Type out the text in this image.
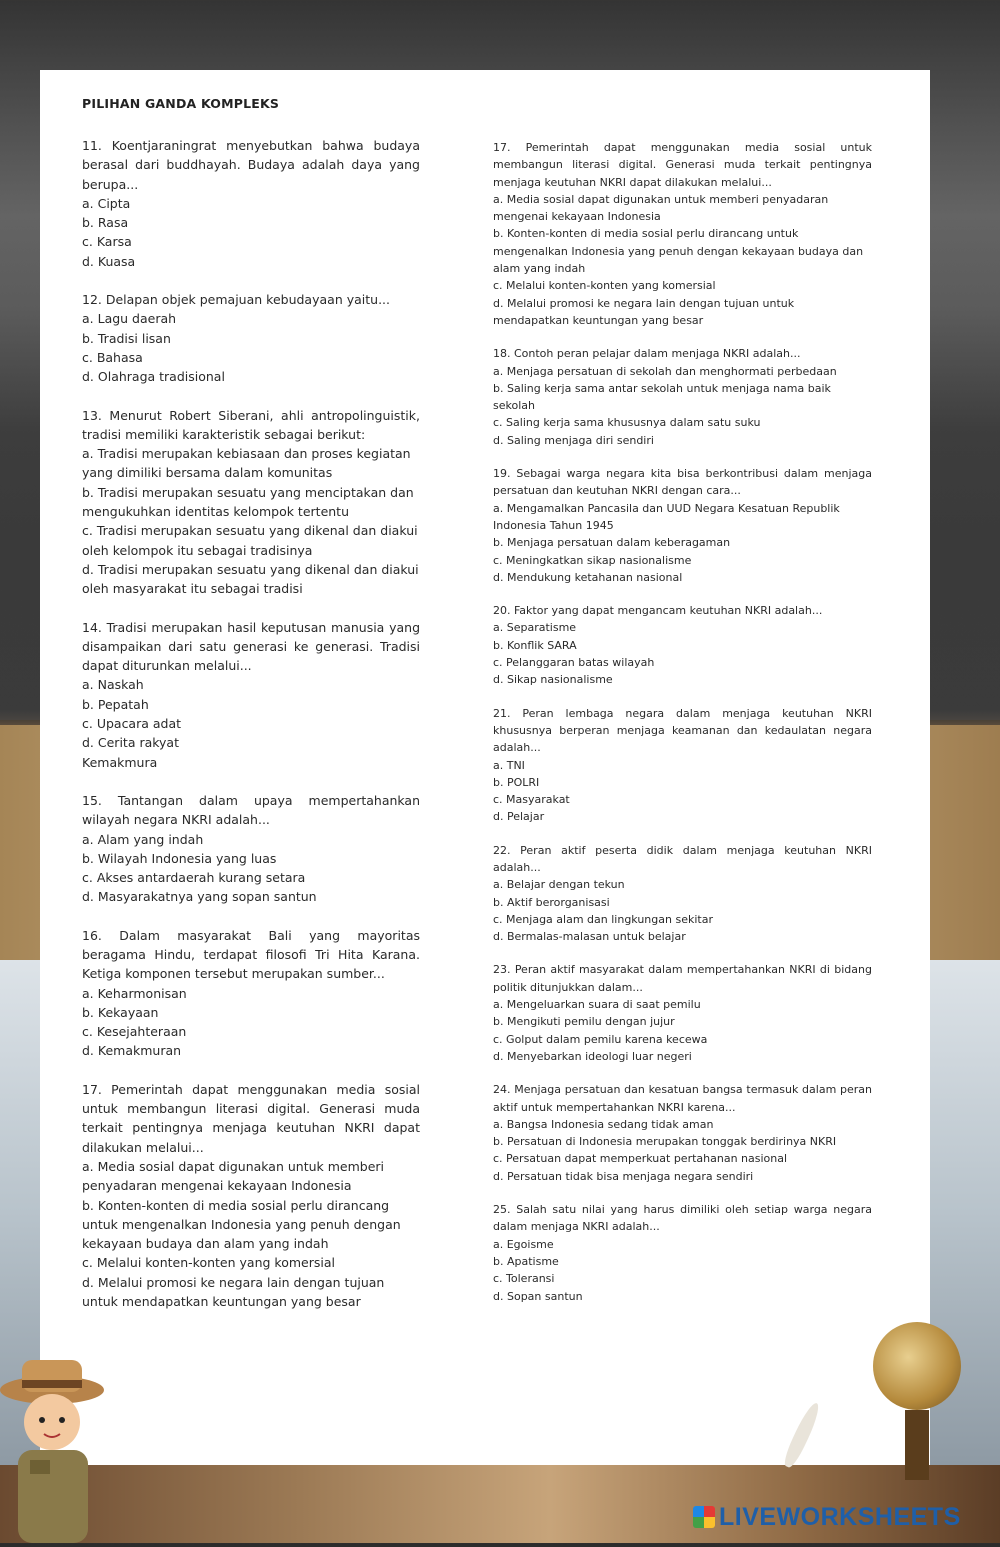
PILIHAN GANDA KOMPLEKS
11. Koentjaraningrat menyebutkan bahwa budaya berasal dari buddhayah. Budaya adalah daya yang berupa...
a. Cipta
b. Rasa
c. Karsa
d. Kuasa
12. Delapan objek pemajuan kebudayaan yaitu...
a. Lagu daerah
b. Tradisi lisan
c. Bahasa
d. Olahraga tradisional
13. Menurut Robert Siberani, ahli antropolinguistik, tradisi memiliki karakteristik sebagai berikut:
a. Tradisi merupakan kebiasaan dan proses kegiatan yang dimiliki bersama dalam komunitas
b. Tradisi merupakan sesuatu yang menciptakan dan mengukuhkan identitas kelompok tertentu
c. Tradisi merupakan sesuatu yang dikenal dan diakui oleh kelompok itu sebagai tradisinya
d. Tradisi merupakan sesuatu yang dikenal dan diakui oleh masyarakat itu sebagai tradisi
14. Tradisi merupakan hasil keputusan manusia yang disampaikan dari satu generasi ke generasi. Tradisi dapat diturunkan melalui...
a. Naskah
b. Pepatah
c. Upacara adat
d. Cerita rakyat
Kemakmura
15. Tantangan dalam upaya mempertahankan wilayah negara NKRI adalah...
a. Alam yang indah
b. Wilayah Indonesia yang luas
c. Akses antardaerah kurang setara
d. Masyarakatnya yang sopan santun
16. Dalam masyarakat Bali yang mayoritas beragama Hindu, terdapat filosofi Tri Hita Karana. Ketiga komponen tersebut merupakan sumber...
a. Keharmonisan
b. Kekayaan
c. Kesejahteraan
d. Kemakmuran
17. Pemerintah dapat menggunakan media sosial untuk membangun literasi digital. Generasi muda terkait pentingnya menjaga keutuhan NKRI dapat dilakukan melalui...
a. Media sosial dapat digunakan untuk memberi penyadaran mengenai kekayaan Indonesia
b. Konten-konten di media sosial perlu dirancang untuk mengenalkan Indonesia yang penuh dengan kekayaan budaya dan alam yang indah
c. Melalui konten-konten yang komersial
d. Melalui promosi ke negara lain dengan tujuan untuk mendapatkan keuntungan yang besar
17. Pemerintah dapat menggunakan media sosial untuk membangun literasi digital. Generasi muda terkait pentingnya menjaga keutuhan NKRI dapat dilakukan melalui...
a. Media sosial dapat digunakan untuk memberi penyadaran mengenai kekayaan Indonesia
b. Konten-konten di media sosial perlu dirancang untuk mengenalkan Indonesia yang penuh dengan kekayaan budaya dan alam yang indah
c. Melalui konten-konten yang komersial
d. Melalui promosi ke negara lain dengan tujuan untuk mendapatkan keuntungan yang besar
18. Contoh peran pelajar dalam menjaga NKRI adalah...
a. Menjaga persatuan di sekolah dan menghormati perbedaan
b. Saling kerja sama antar sekolah untuk menjaga nama baik sekolah
c. Saling kerja sama khususnya dalam satu suku
d. Saling menjaga diri sendiri
19. Sebagai warga negara kita bisa berkontribusi dalam menjaga persatuan dan keutuhan NKRI dengan cara...
a. Mengamalkan Pancasila dan UUD Negara Kesatuan Republik Indonesia Tahun 1945
b. Menjaga persatuan dalam keberagaman
c. Meningkatkan sikap nasionalisme
d. Mendukung ketahanan nasional
20. Faktor yang dapat mengancam keutuhan NKRI adalah...
a. Separatisme
b. Konflik SARA
c. Pelanggaran batas wilayah
d. Sikap nasionalisme
21. Peran lembaga negara dalam menjaga keutuhan NKRI khususnya berperan menjaga keamanan dan kedaulatan negara adalah...
a. TNI
b. POLRI
c. Masyarakat
d. Pelajar
22. Peran aktif peserta didik dalam menjaga keutuhan NKRI adalah...
a. Belajar dengan tekun
b. Aktif berorganisasi
c. Menjaga alam dan lingkungan sekitar
d. Bermalas-malasan untuk belajar
23. Peran aktif masyarakat dalam mempertahankan NKRI di bidang politik ditunjukkan dalam...
a. Mengeluarkan suara di saat pemilu
b. Mengikuti pemilu dengan jujur
c. Golput dalam pemilu karena kecewa
d. Menyebarkan ideologi luar negeri
24. Menjaga persatuan dan kesatuan bangsa termasuk dalam peran aktif untuk mempertahankan NKRI karena...
a. Bangsa Indonesia sedang tidak aman
b. Persatuan di Indonesia merupakan tonggak berdirinya NKRI
c. Persatuan dapat memperkuat pertahanan nasional
d. Persatuan tidak bisa menjaga negara sendiri
25. Salah satu nilai yang harus dimiliki oleh setiap warga negara dalam menjaga NKRI adalah...
a. Egoisme
b. Apatisme
c. Toleransi
d. Sopan santun
LIVEWORKSHEETS
